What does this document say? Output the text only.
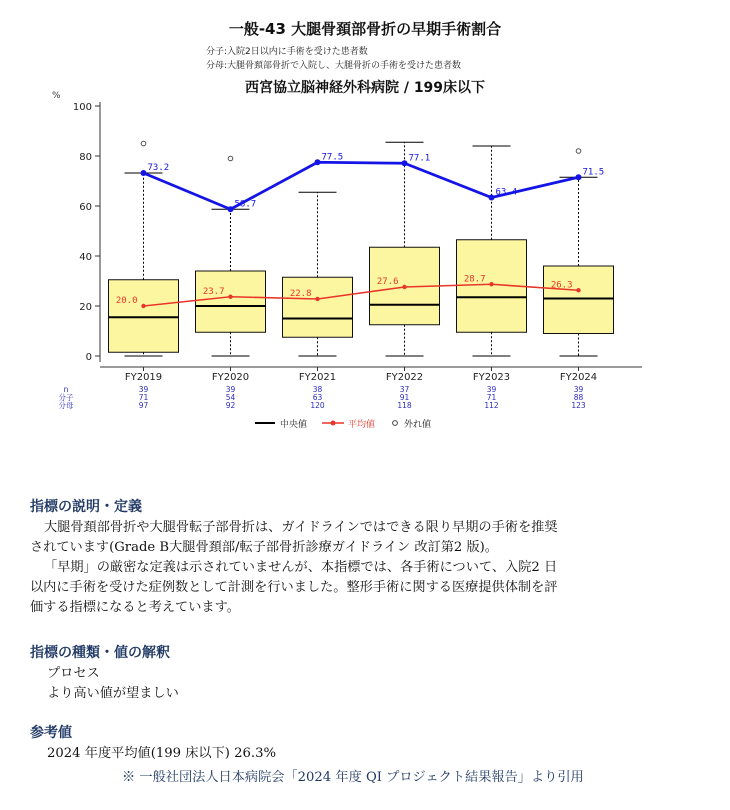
%
0
20
40
60
80
100
FY2019	FY2020	FY2021	FY2022	FY2023	FY2024
20.0
23.7	22.8
27.6	28.7
26.3
73.2
58.7
77.5	77.1
63.4
71.5
n	39	39	38	37	39	39
分子	71	54	63	91	71	88
分母	97	92	120	118	112	123
中央値	平均値	外れ値
一般-43 大腿骨頚部骨折の早期手術割合
分子:入院2日以内に手術を受けた患者数
分母:大腿骨頚部骨折で入院し、大腿骨折の手術を受けた患者数
西宮協立脳神経外科病院 / 199床以下
指標の説明・定義
大腿骨頚部骨折や大腿骨転子部骨折は、ガイドラインではできる限り早期の手術を推奨
されています(Grade B大腿骨頚部/転子部骨折診療ガイドライン 改訂第2 版)。
「早期」の厳密な定義は示されていませんが、本指標では、各手術について、入院2 日
以内に手術を受けた症例数として計測を行いました。整形手術に関する医療提供体制を評
価する指標になると考えています。
指標の種類・値の解釈
プロセス
より高い値が望ましい
参考値
2024 年度平均値(199 床以下) 26.3%
※ 一般社団法人日本病院会「2024 年度 QI プロジェクト結果報告」より引用
